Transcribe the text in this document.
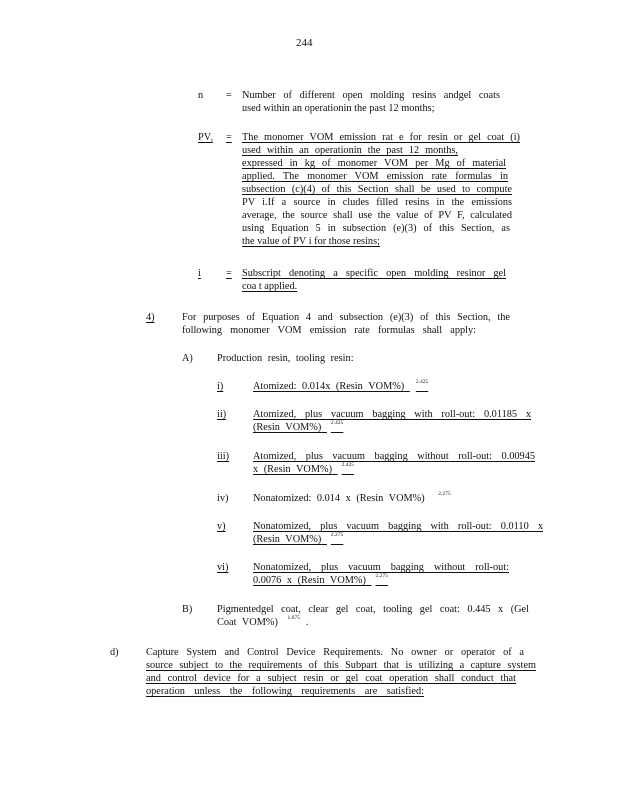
244
n = Number of different open molding resins andgel coats
used within an operationin the past 12 months;
$PV_i$ = The monomer VOM emission rat e for resin or gel coat (i)
used within an operationin the past 12 months,
expressed in kg of monomer VOM per Mg of material
applied. The monomer VOM emission rate formulas in
subsection (c)(4) of this Section shall be used to compute
PV i.If a source in cludes filled resins in the emissions
average, the source shall use the value of PV F, calculated
using Equation 5 in subsection (e)(3) of this Section, as
the value of PV i for those resins;
i = Subscript denoting a specific open molding resinor gel
coa t applied.
4)	For purposes of Equation 4 and subsection (e)(3) of this Section, the
following monomer VOM emission rate formulas shall apply:
A) Production resin, tooling resin:
i)	Atomized: 0.014x (Resin VOM%) $^{2.425}$
ii)	Atomized, plus vacuum bagging with roll-out: 0.01185 x
(Resin VOM%) $^{2.425}$
iii) Atomized, plus vacuum bagging without roll-out: 0.00945
x (Resin VOM%) $^{2.425}$
iv) Nonatomized: 0.014 x (Resin VOM%) $^{2.275}$
v)	Nonatomized, plus vacuum bagging with roll-out: 0.0110 x
(Resin VOM%) $^{2.275}$
vi) Nonatomized, plus vacuum bagging without roll-out:
0.0076 x (Resin VOM%) $^{2.275}$
B) Pigmentedgel coat, clear gel coat, tooling gel coat: 0.445 x (Gel
Coat VOM%) $^{1.675}$ .
d)	Capture System and Control Device Requirements. No owner or operator of a
source subject to the requirements of this Subpart that is utilizing a capture system
and control device for a subject resin or gel coat operation shall conduct that
operation unless the following requirements are satisfied:
